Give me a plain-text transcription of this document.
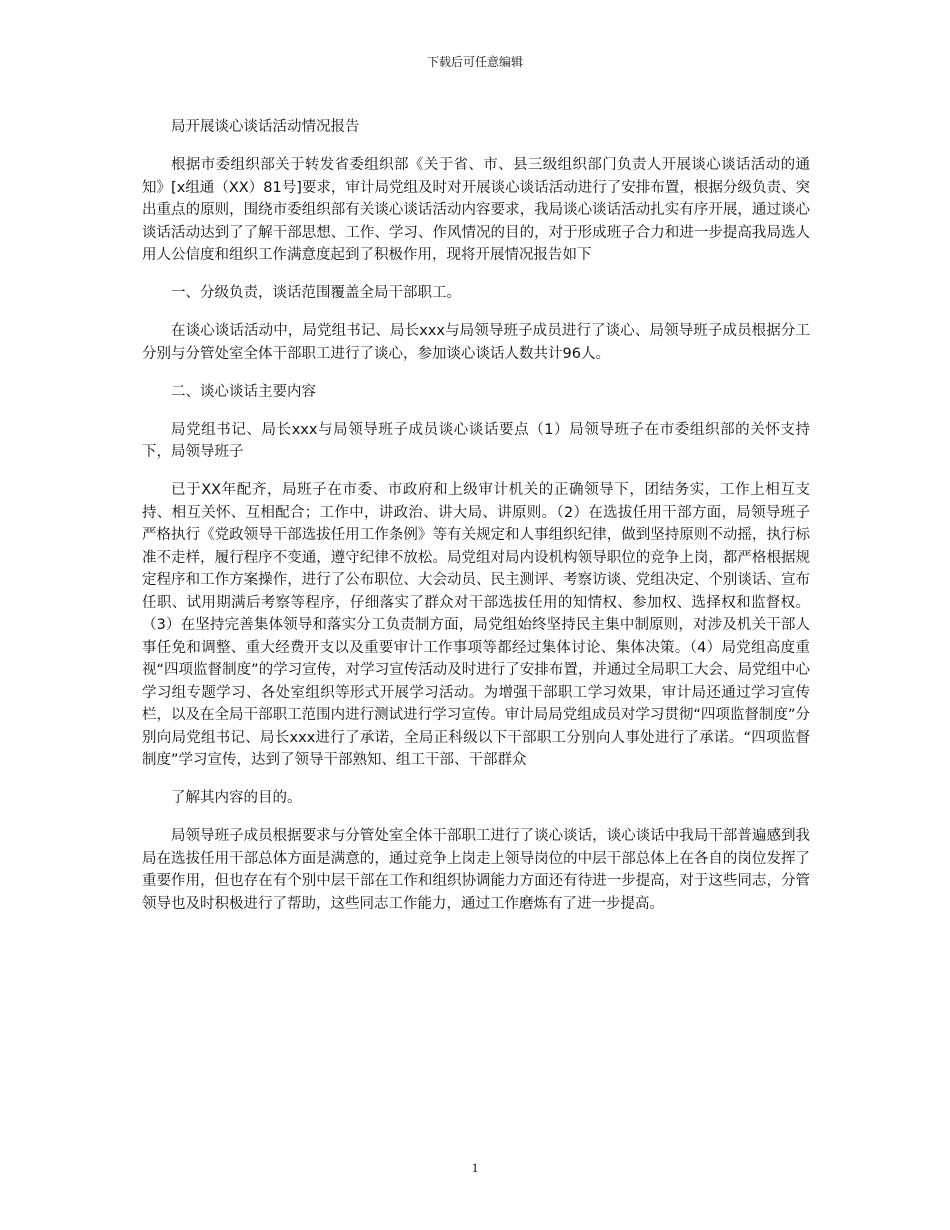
下载后可任意编辑

局开展谈心谈话活动情况报告

根据市委组织部关于转发省委组织部《关于省、市、县三级组织部门负责人开展谈心谈话活动的通知》[x组通（XX）81号]要求，审计局党组及时对开展谈心谈话活动进行了安排布置，根据分级负责、突出重点的原则，围绕市委组织部有关谈心谈话活动内容要求，我局谈心谈话活动扎实有序开展，通过谈心谈话活动达到了了解干部思想、工作、学习、作风情况的目的，对于形成班子合力和进一步提高我局选人用人公信度和组织工作满意度起到了积极作用，现将开展情况报告如下

一、分级负责，谈话范围覆盖全局干部职工。

在谈心谈话活动中，局党组书记、局长xxx与局领导班子成员进行了谈心、局领导班子成员根据分工分别与分管处室全体干部职工进行了谈心，参加谈心谈话人数共计96人。

二、谈心谈话主要内容

局党组书记、局长xxx与局领导班子成员谈心谈话要点（1）局领导班子在市委组织部的关怀支持下，局领导班子

已于XX年配齐，局班子在市委、市政府和上级审计机关的正确领导下，团结务实，工作上相互支持、相互关怀、互相配合；工作中，讲政治、讲大局、讲原则。（2）在选拔任用干部方面，局领导班子严格执行《党政领导干部选拔任用工作条例》等有关规定和人事组织纪律，做到坚持原则不动摇，执行标准不走样，履行程序不变通，遵守纪律不放松。局党组对局内设机构领导职位的竞争上岗，都严格根据规定程序和工作方案操作，进行了公布职位、大会动员、民主测评、考察访谈、党组决定、个别谈话、宣布任职、试用期满后考察等程序，仔细落实了群众对干部选拔任用的知情权、参加权、选择权和监督权。（3）在坚持完善集体领导和落实分工负责制方面，局党组始终坚持民主集中制原则，对涉及机关干部人事任免和调整、重大经费开支以及重要审计工作事项等都经过集体讨论、集体决策。（4）局党组高度重视“四项监督制度”的学习宣传，对学习宣传活动及时进行了安排布置，并通过全局职工大会、局党组中心学习组专题学习、各处室组织等形式开展学习活动。为增强干部职工学习效果，审计局还通过学习宣传栏，以及在全局干部职工范围内进行测试进行学习宣传。审计局局党组成员对学习贯彻“四项监督制度”分别向局党组书记、局长xxx进行了承诺，全局正科级以下干部职工分别向人事处进行了承诺。“四项监督制度”学习宣传，达到了领导干部熟知、组工干部、干部群众

了解其内容的目的。

局领导班子成员根据要求与分管处室全体干部职工进行了谈心谈话，谈心谈话中我局干部普遍感到我局在选拔任用干部总体方面是满意的，通过竞争上岗走上领导岗位的中层干部总体上在各自的岗位发挥了重要作用，但也存在有个别中层干部在工作和组织协调能力方面还有待进一步提高，对于这些同志，分管领导也及时积极进行了帮助，这些同志工作能力，通过工作磨炼有了进一步提高。

1
